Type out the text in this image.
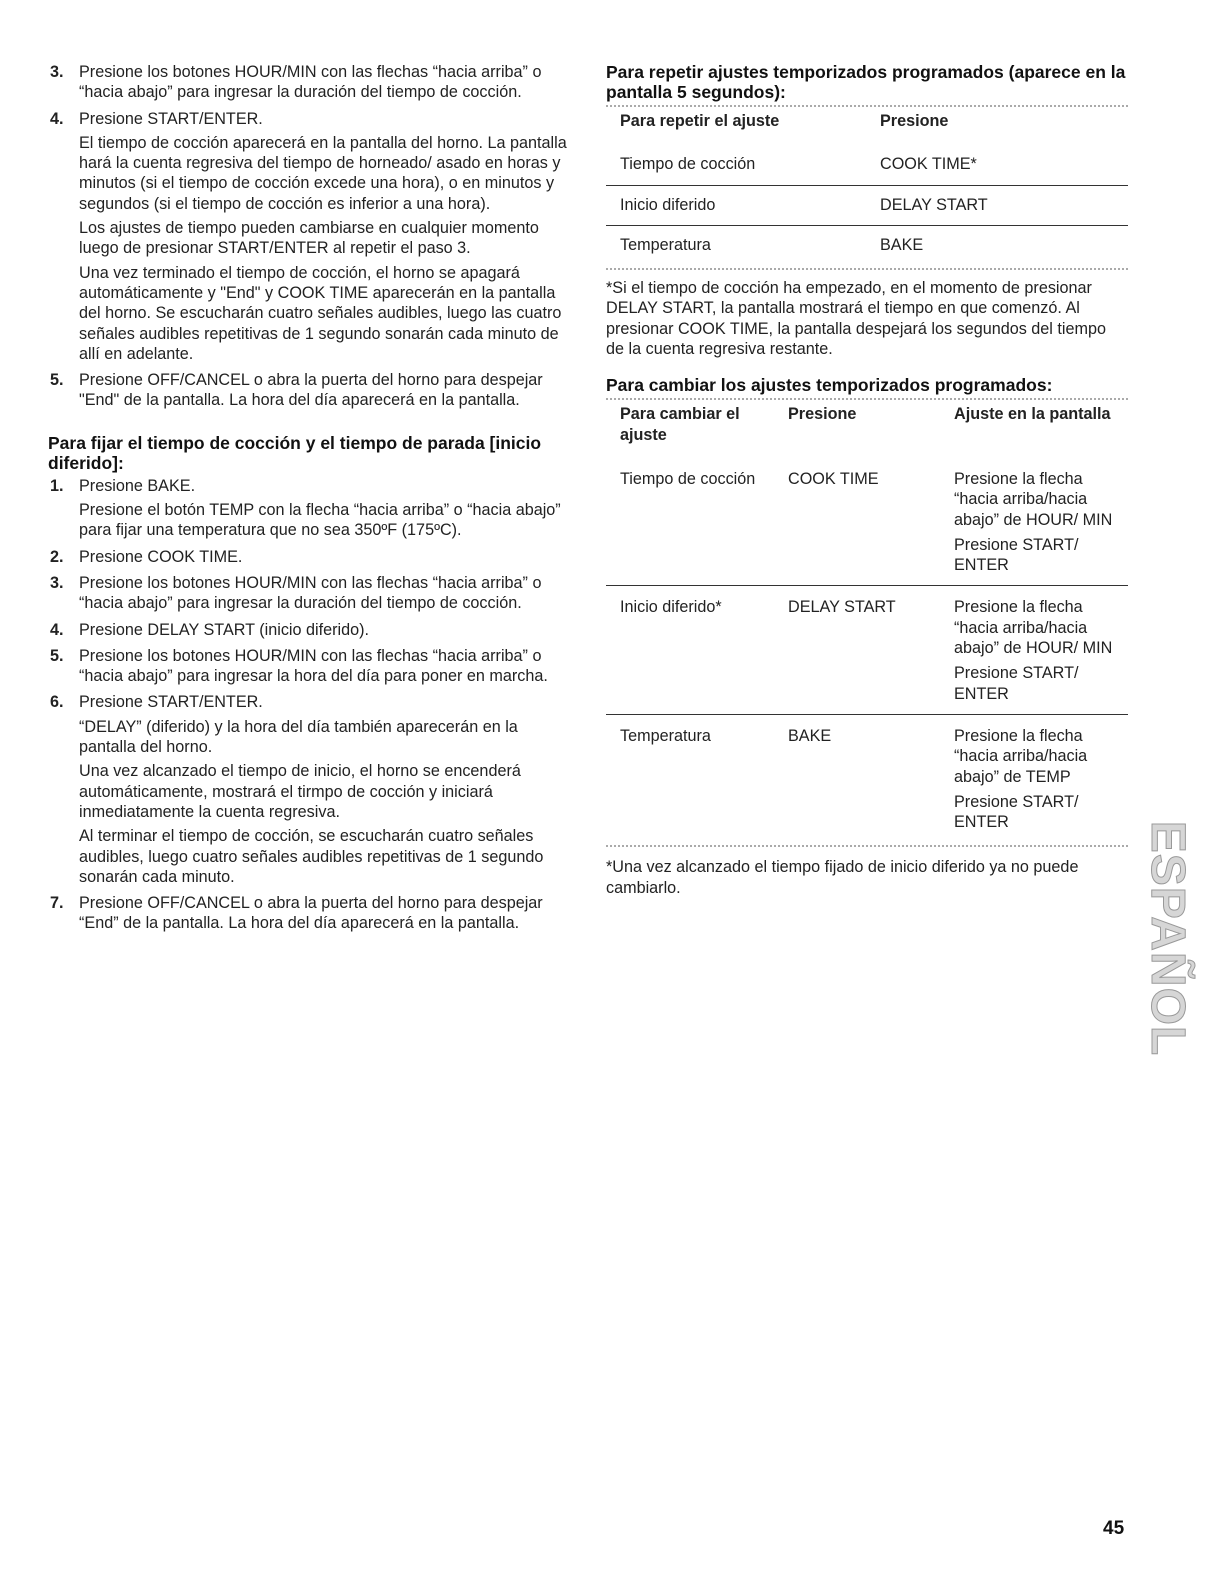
3. Presione los botones HOUR/MIN con las flechas “hacia arriba” o “hacia abajo” para ingresar la duración del tiempo de cocción.

4. Presione START/ENTER.

El tiempo de cocción aparecerá en la pantalla del horno. La pantalla hará la cuenta regresiva del tiempo de horneado/ asado en horas y minutos (si el tiempo de cocción excede una hora), o en minutos y segundos (si el tiempo de cocción es inferior a una hora).

Los ajustes de tiempo pueden cambiarse en cualquier momento luego de presionar START/ENTER al repetir el paso 3.

Una vez terminado el tiempo de cocción, el horno se apagará automáticamente y "End" y COOK TIME aparecerán en la pantalla del horno. Se escucharán cuatro señales audibles, luego las cuatro señales audibles repetitivas de 1 segundo sonarán cada minuto de allí en adelante.

5. Presione OFF/CANCEL o abra la puerta del horno para despejar "End" de la pantalla. La hora del día aparecerá en la pantalla.

Para fijar el tiempo de cocción y el tiempo de parada [inicio diferido]:
1. Presione BAKE.

Presione el botón TEMP con la flecha “hacia arriba” o “hacia abajo” para fijar una temperatura que no sea 350ºF (175ºC).

2. Presione COOK TIME.

3. Presione los botones HOUR/MIN con las flechas “hacia arriba” o “hacia abajo” para ingresar la duración del tiempo de cocción.

4. Presione DELAY START (inicio diferido).

5. Presione los botones HOUR/MIN con las flechas “hacia arriba” o “hacia abajo” para ingresar la hora del día para poner en marcha.

6. Presione START/ENTER.

“DELAY” (diferido) y la hora del día también aparecerán en la pantalla del horno.

Una vez alcanzado el tiempo de inicio, el horno se encenderá automáticamente, mostrará el tirmpo de cocción y iniciará inmediatamente la cuenta regresiva.

Al terminar el tiempo de cocción, se escucharán cuatro señales audibles, luego cuatro señales audibles repetitivas de 1 segundo sonarán cada minuto.

7. Presione OFF/CANCEL o abra la puerta del horno para despejar “End” de la pantalla. La hora del día aparecerá en la pantalla.

Para repetir ajustes temporizados programados (aparece en la pantalla 5 segundos):
Para repetir el ajuste	Presione
Tiempo de cocción	COOK TIME*
Inicio diferido	DELAY START
Temperatura	BAKE

*Si el tiempo de cocción ha empezado, en el momento de presionar DELAY START, la pantalla mostrará el tiempo en que comenzó. Al presionar COOK TIME, la pantalla despejará los segundos del tiempo de la cuenta regresiva restante.

Para cambiar los ajustes temporizados programados:
Para cambiar el ajuste	Presione	Ajuste en la pantalla
Tiempo de cocción	COOK TIME	Presione la flecha “hacia arriba/hacia abajo” de HOUR/ MIN
Presione START/ ENTER

Inicio diferido*	DELAY START	Presione la flecha “hacia arriba/hacia abajo” de HOUR/ MIN
Presione START/ ENTER

Temperatura	BAKE	Presione la flecha “hacia arriba/hacia abajo” de TEMP
Presione START/ ENTER

*Una vez alcanzado el tiempo fijado de inicio diferido ya no puede cambiarlo.	ESPAÑOL
45
